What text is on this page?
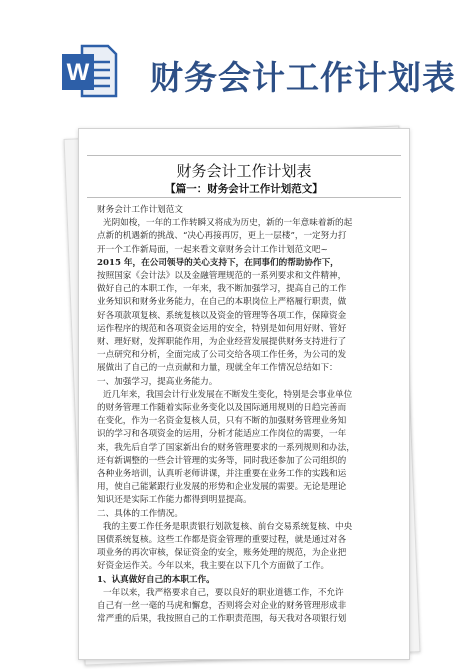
W 财务会计工作计划表
财务会计工作计划表
【篇一：财务会计工作计划范文】
财务会计工作计划范文
光阴如梭，一年的工作转瞬又将成为历史，新的一年意味着新的起
点新的机遇新的挑战、“决心再接再厉，更上一层楼”，一定努力打
开一个工作新局面，一起来看文章财务会计工作计划范文吧~
2015 年，在公司领导的关心支持下，在同事们的帮助协作下，
按照国家《会计法》以及金融管理规范的一系列要求和文件精神，
做好自己的本职工作，一年来，我不断加强学习，提高自己的工作
业务知识和财务业务能力，在自己的本职岗位上严格履行职责，做
好各项款项复核、系统复核以及资金的管理等各项工作，保障资金
运作程序的规范和各项资金运用的安全，特别是如何用好财、管好
财、理好财，发挥职能作用，为企业经营发展提供财务支持进行了
一点研究和分析，全面完成了公司交给各项工作任务，为公司的发
展做出了自己的一点贡献和力量，现就全年工作情况总结如下：
一、加强学习，提高业务能力。
近几年来，我国会计行业发展在不断发生变化，特别是会事业单位
的财务管理工作随着实际业务变化以及国际通用规则的日趋完善而
在变化，作为一名资金复核人员，只有不断的加强财务管理业务知
识的学习和各项资金的运用，分析才能适应工作岗位的需要，一年
来，我先后自学了国家新出台的财务管理要求的一系列规则和办法，
还有新调整的一些会计管理的实务等，同时我还参加了公司组织的
各种业务培训，认真听老师讲课，并注重要在业务工作的实践和运
用，使自己能紧跟行业发展的形势和企业发展的需要。无论是理论
知识还是实际工作能力都得到明显提高。
二、具体的工作情况。
我的主要工作任务是职责银行划款复核、前台交易系统复核、中央
国债系统复核。这些工作都是资金管理的重要过程，就是通过对各
项业务的再次审核，保证资金的安全，账务处理的规范，为企业把
好资金运作关。今年以来，我主要在以下几个方面做了工作。
1、认真做好自己的本职工作。
一年以来，我严格要求自己，要以良好的职业道德工作，不允许
自己有一丝一毫的马虎和懈怠，否则将会对企业的财务管理形成非
常严重的后果，我按照自己的工作职责范围，每天我对各项银行划
